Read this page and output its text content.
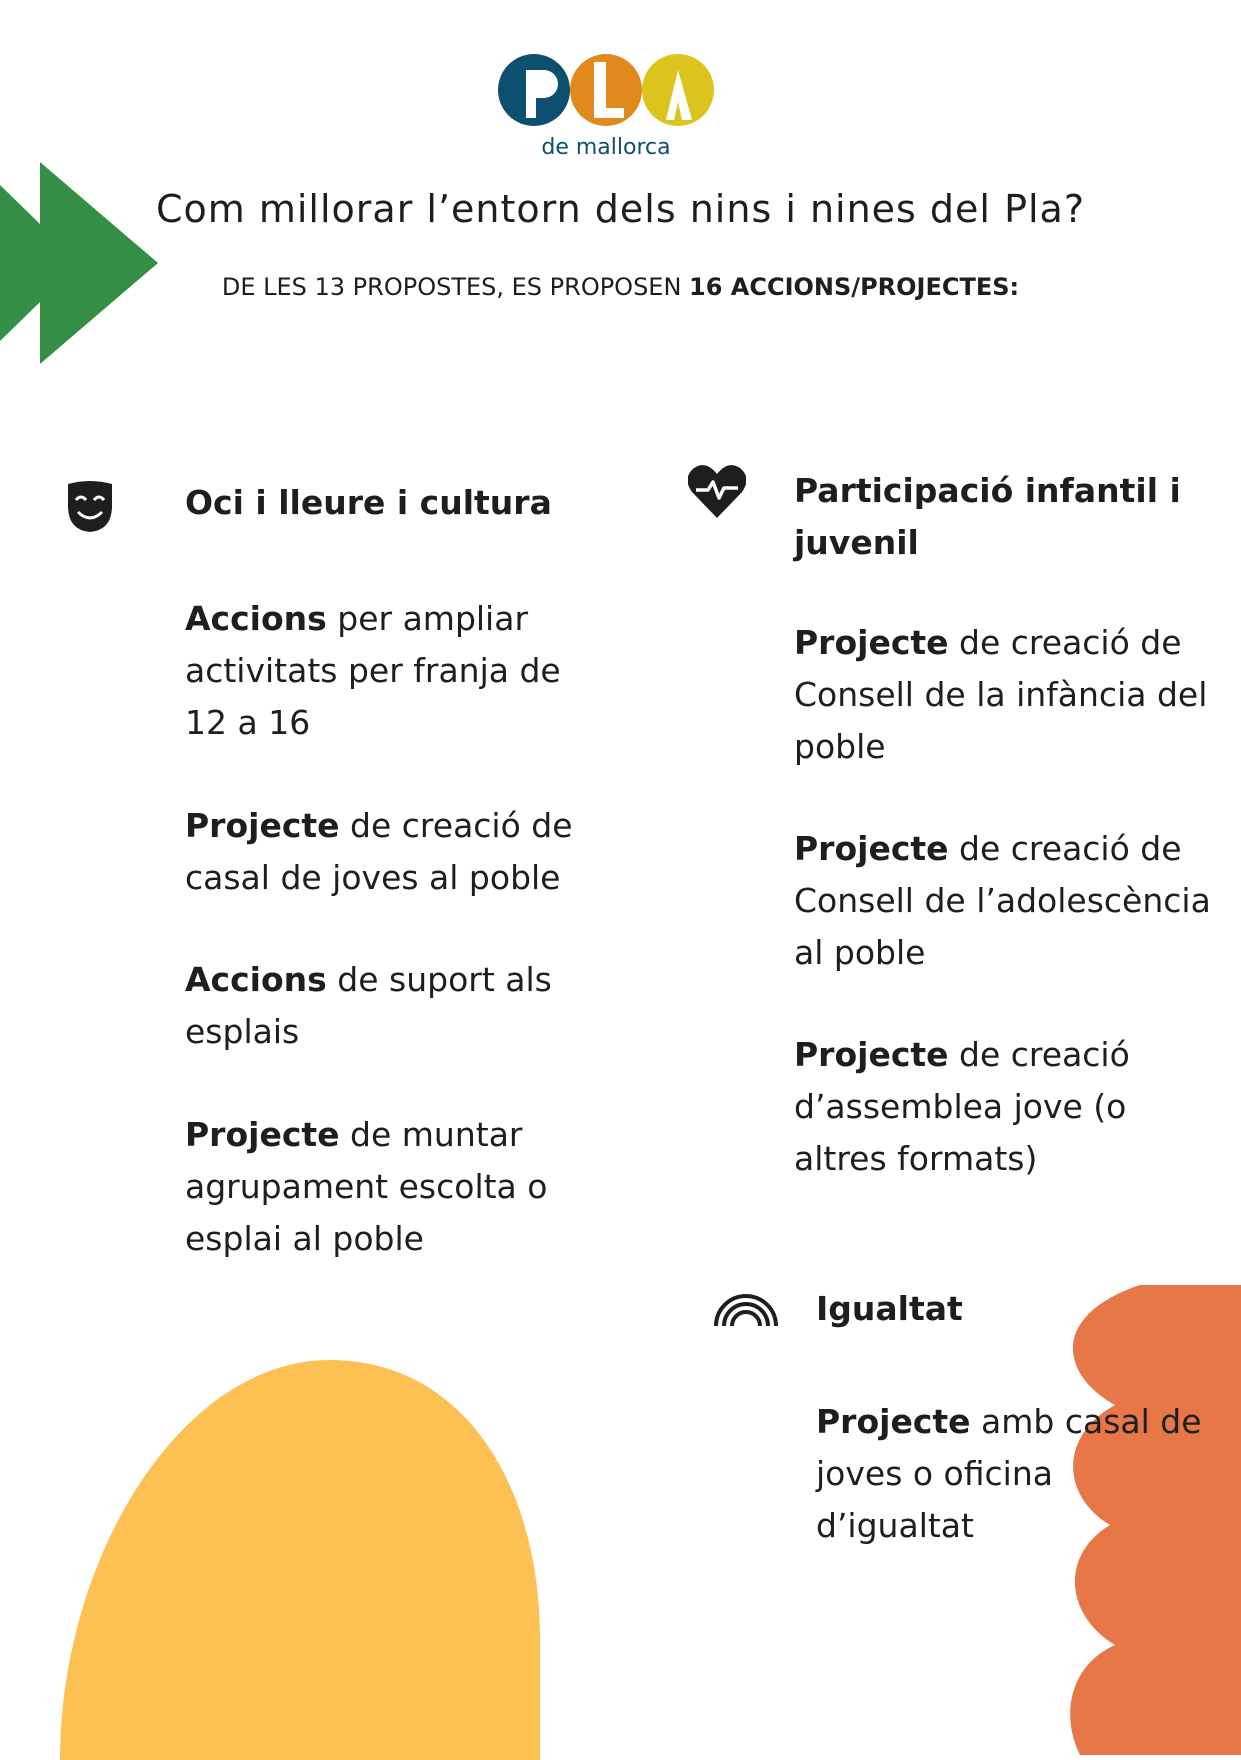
de mallorca
Com millorar l’entorn dels nins i nines del Pla?
DE LES 13 PROPOSTES, ES PROPOSEN 16 ACCIONS/PROJECTES:
Oci i lleure i cultura
Accions per ampliar activitats per franja de 12 a 16
Projecte de creació de casal de joves al poble
Accions de suport als esplais
Projecte de muntar agrupament escolta o esplai al poble
Participació infantil i juvenil
Projecte de creació de Consell de la infància del poble
Projecte de creació de Consell de l’adolescència al poble
Projecte de creació d’assemblea jove (o altres formats)
Igualtat
Projecte amb casal de joves o oficina d’igualtat
